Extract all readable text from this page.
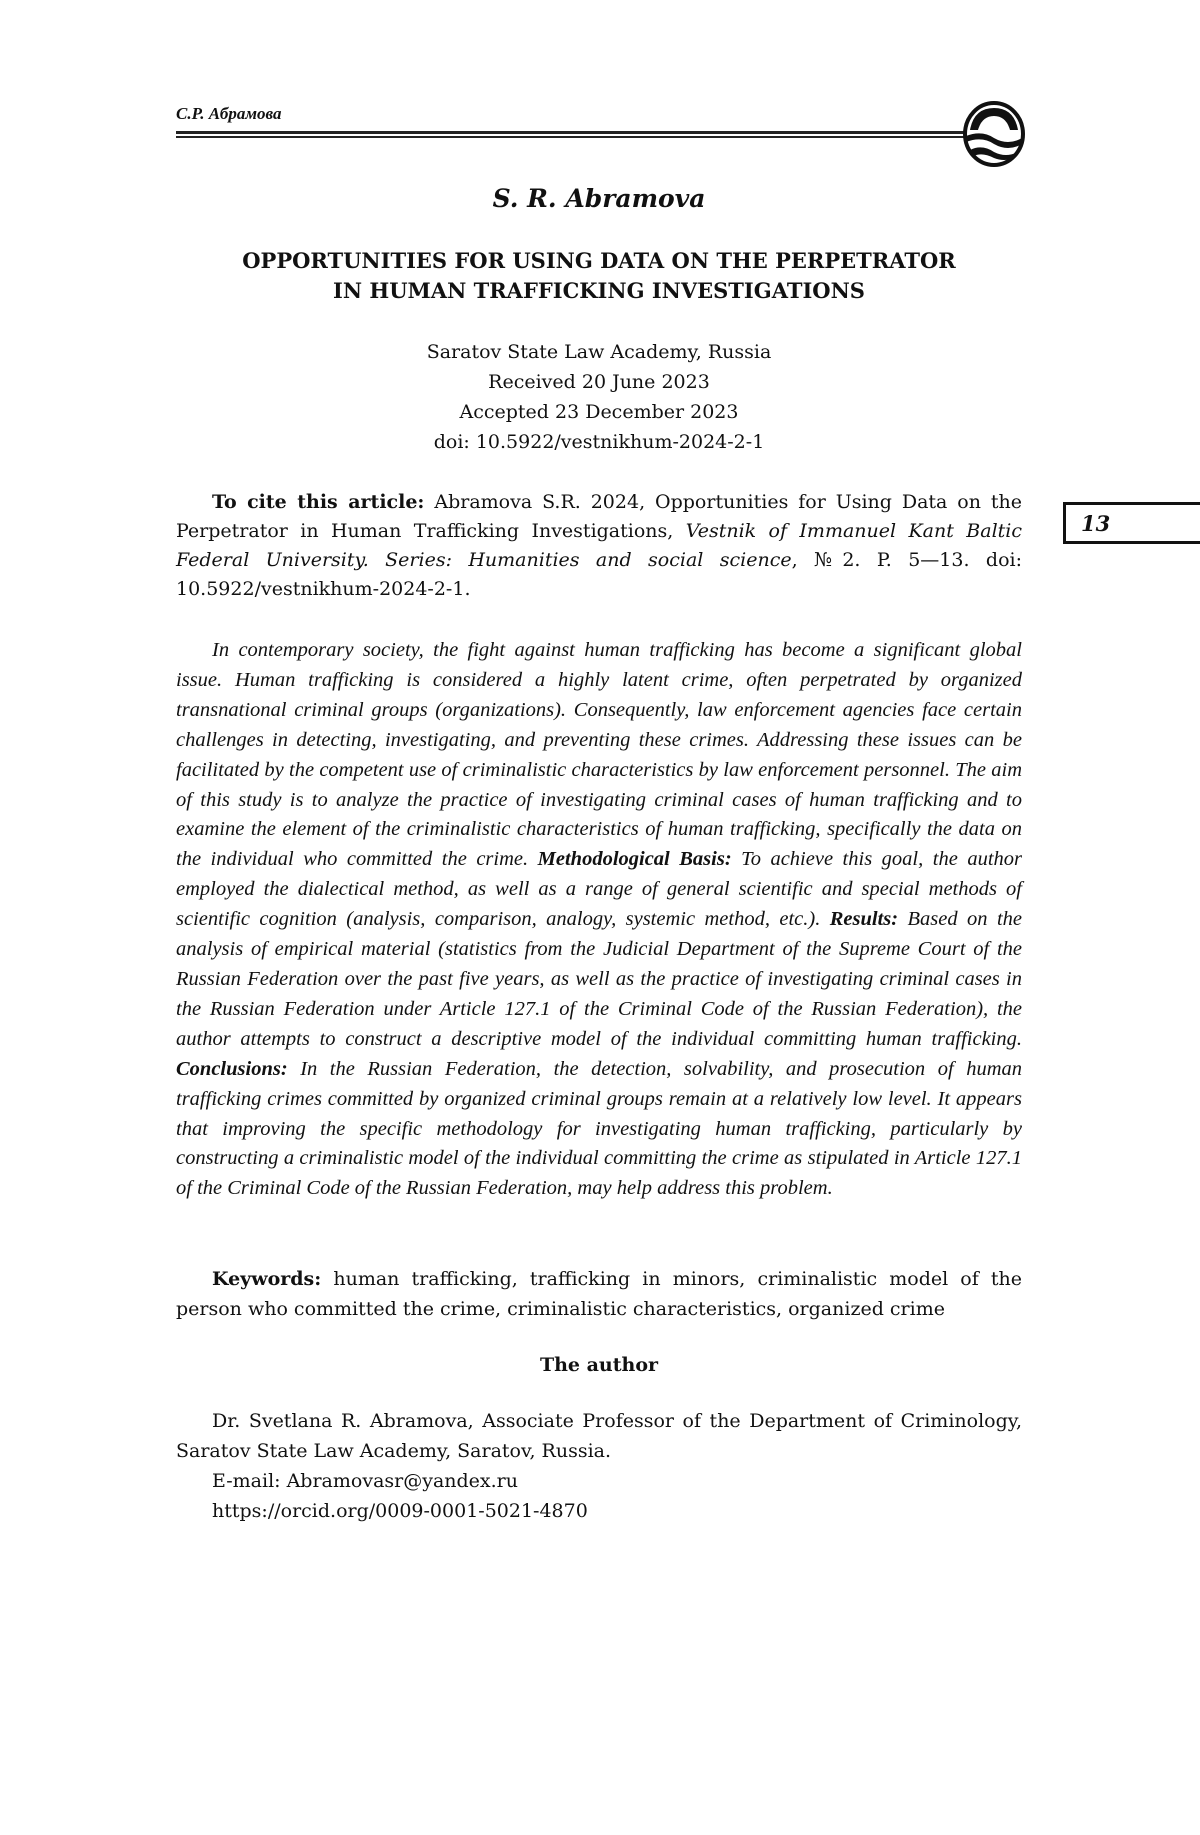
С.Р. Абрамова
13
S. R. Abramova
OPPORTUNITIES FOR USING DATA ON THE PERPETRATOR
IN HUMAN TRAFFICKING INVESTIGATIONS
Saratov State Law Academy, Russia
Received 20 June 2023
Accepted 23 December 2023
doi: 10.5922/vestnikhum-2024-2-1
To cite this article: Abramova S.R. 2024, Opportunities for Using Data on the Perpetrator in Human Trafficking Investigations, Vestnik of Immanuel Kant Baltic Federal University. Series: Humanities and social science, №2. P. 5—13. doi: 10.5922/vestnikhum-2024-2-1.
In contemporary society, the fight against human trafficking has become a significant global issue. Human trafficking is considered a highly latent crime, often perpetrated by organized transnational criminal groups (organizations). Consequently, law enforcement agencies face certain challenges in detecting, investigating, and preventing these crimes. Addressing these issues can be facilitated by the competent use of criminalistic characteristics by law enforcement personnel. The aim of this study is to analyze the practice of investigating criminal cases of human trafficking and to examine the element of the criminalistic characteristics of human trafficking, specifically the data on the individual who committed the crime. Methodological Basis: To achieve this goal, the author employed the dialectical method, as well as a range of general scientific and special methods of scientific cognition (analysis, comparison, analogy, systemic method, etc.). Results: Based on the analysis of empirical material (statistics from the Judicial Department of the Supreme Court of the Russian Federation over the past five years, as well as the practice of investigating criminal cases in the Russian Federation under Article 127.1 of the Criminal Code of the Russian Federation), the author attempts to construct a descriptive model of the individual committing human trafficking. Conclusions: In the Russian Federation, the detection, solvability, and prosecution of human trafficking crimes committed by organized criminal groups remain at a relatively low level. It appears that improving the specific methodology for investigating human trafficking, particularly by constructing a criminalistic model of the individual committing the crime as stipulated in Article 127.1 of the Criminal Code of the Russian Federation, may help address this problem.
Keywords: human trafficking, trafficking in minors, criminalistic model of the person who committed the crime, criminalistic characteristics, organized crime
The author
Dr. Svetlana R. Abramova, Associate Professor of the Department of Criminology, Saratov State Law Academy, Saratov, Russia.
E-mail: Abramovasr@yandex.ru
https://orcid.org/0009-0001-5021-4870
